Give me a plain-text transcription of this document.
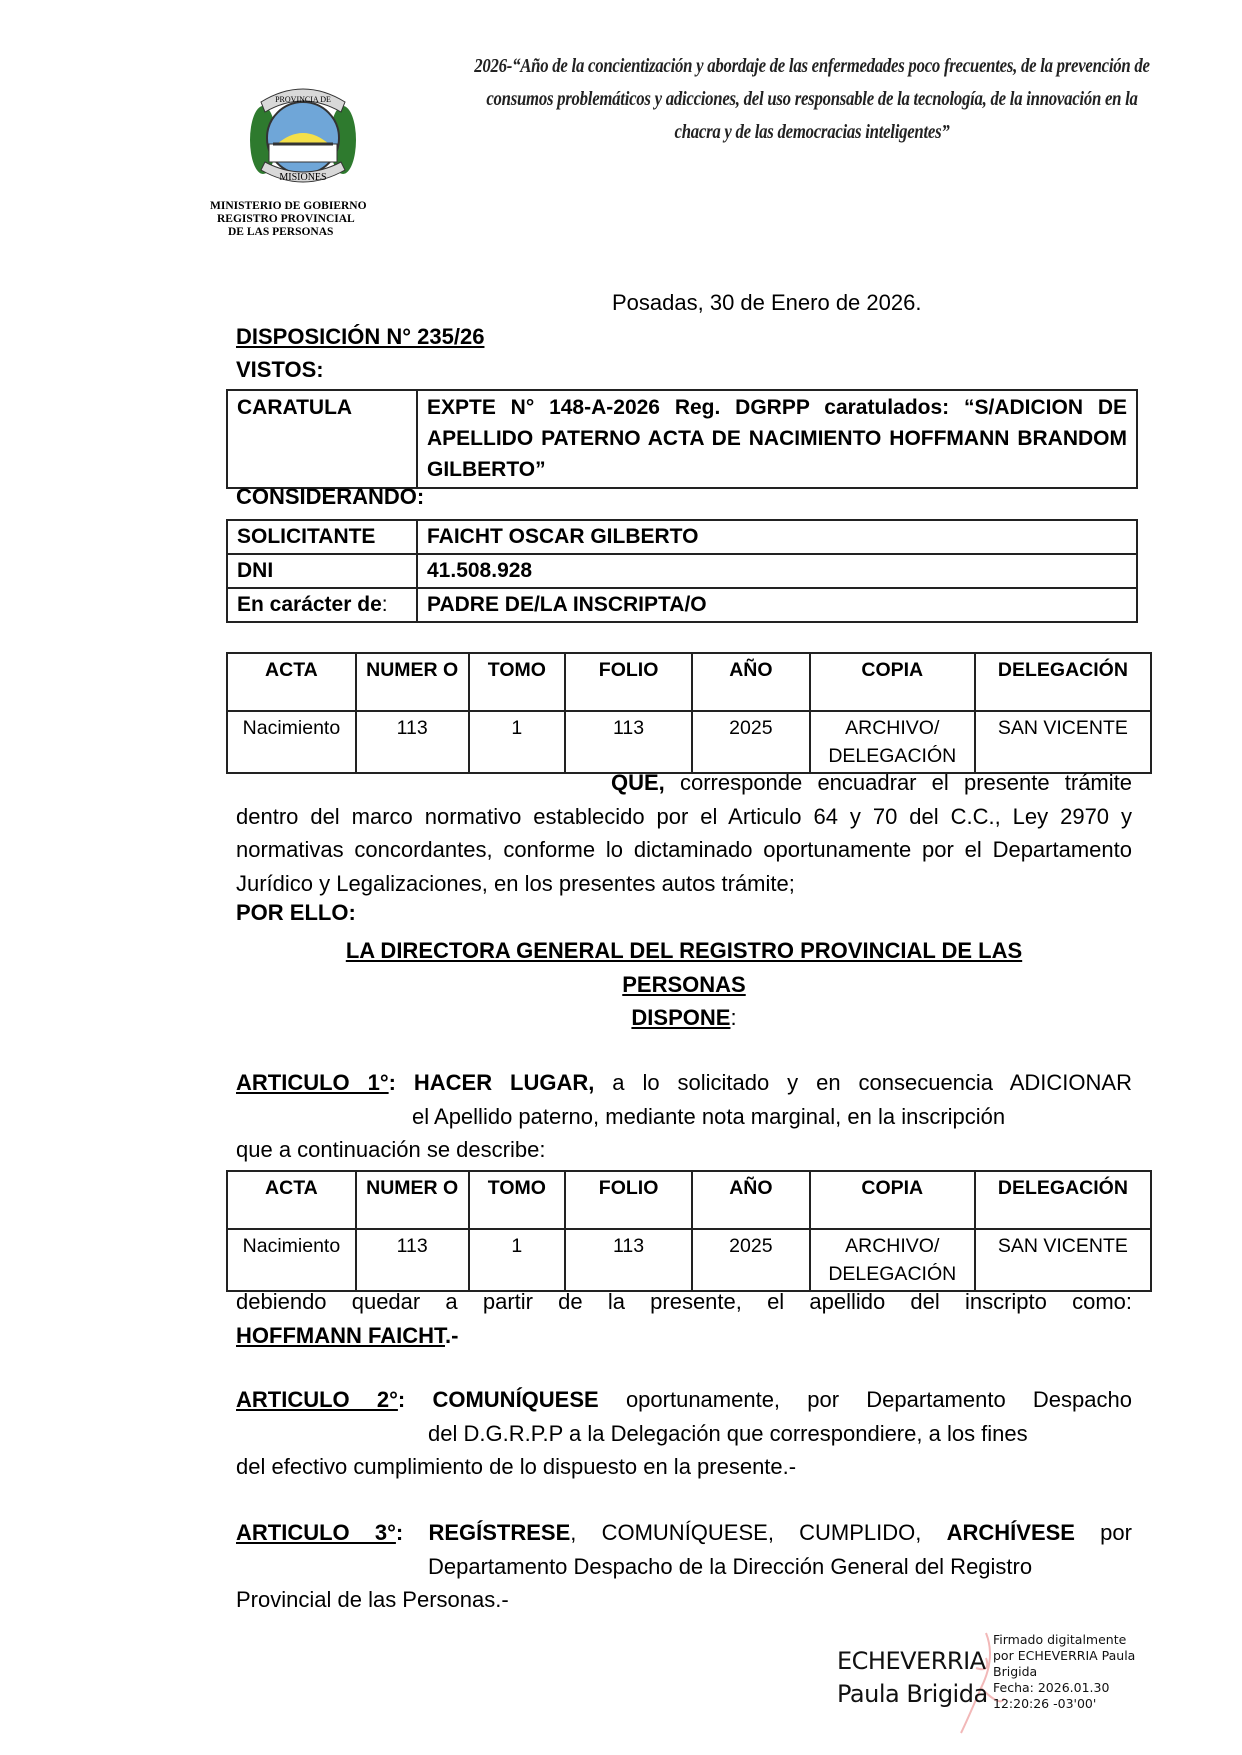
PROVINCIA DE
MISIONES
MINISTERIO DE GOBIERNO
REGISTRO PROVINCIAL
DE LAS PERSONAS
2026-“Año de la concientización y abordaje de las enfermedades poco frecuentes, de la prevención de
consumos problemáticos y adicciones, del uso responsable de la tecnología, de la innovación en la
chacra y de las democracias inteligentes”
Posadas, 30 de Enero de 2026.
DISPOSICIÓN N° 235/26
VISTOS:
CARATULA	EXPTE N° 148-A-2026 Reg. DGRPP caratulados: “S/ADICION DE APELLIDO PATERNO ACTA DE NACIMIENTO HOFFMANN BRANDOM GILBERTO”
CONSIDERANDO:
SOLICITANTE	FAICHT OSCAR GILBERTO
DNI	41.508.928
En carácter de:	PADRE DE/LA INSCRIPTA/O
ACTA	NUMER O	TOMO	FOLIO	AÑO	COPIA	DELEGACIÓN
Nacimiento	113	1	113	2025	ARCHIVO/ DELEGACIÓN	SAN VICENTE
QUE, corresponde encuadrar el presente trámite dentro del marco normativo establecido por el Articulo 64 y 70 del C.C., Ley 2970 y normativas concordantes, conforme lo dictaminado oportunamente por el Departamento Jurídico y Legalizaciones, en los presentes autos trámite;
POR ELLO:
LA DIRECTORA GENERAL DEL REGISTRO PROVINCIAL DE LAS
PERSONAS
DISPONE:
ARTICULO 1°: HACER LUGAR, a lo solicitado y en consecuencia ADICIONAR
el Apellido paterno, mediante nota marginal, en la inscripción
que a continuación se describe:
ACTA	NUMER O	TOMO	FOLIO	AÑO	COPIA	DELEGACIÓN
Nacimiento	113	1	113	2025	ARCHIVO/ DELEGACIÓN	SAN VICENTE
debiendo quedar a partir de la presente, el apellido del inscripto como:
HOFFMANN FAICHT.-
ARTICULO 2°: COMUNÍQUESE oportunamente, por Departamento Despacho
del D.G.R.P.P a la Delegación que correspondiere, a los fines
del efectivo cumplimiento de lo dispuesto en la presente.-
ARTICULO 3°: REGÍSTRESE, COMUNÍQUESE, CUMPLIDO, ARCHÍVESE por
Departamento Despacho de la Dirección General del Registro
Provincial de las Personas.-
ECHEVERRIA
Paula Brigida
Firmado digitalmente
por ECHEVERRIA Paula
Brigida
Fecha: 2026.01.30
12:20:26 -03'00'
